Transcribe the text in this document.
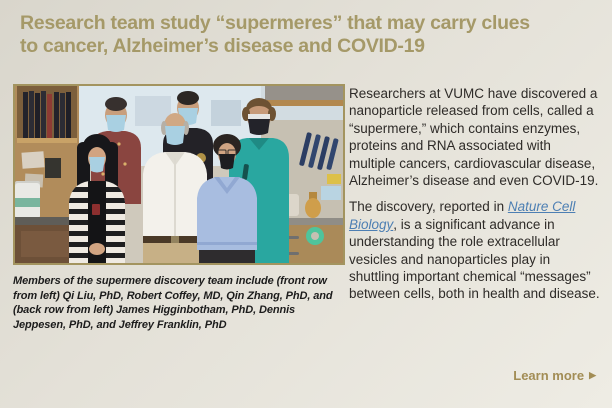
Research team study “supermeres” that may carry clues
to cancer, Alzheimer’s disease and COVID-19
Members of the supermere discovery team include (front row from left) Qi Liu, PhD, Robert Coffey, MD, Qin Zhang, PhD, and (back row from left) James Higginbotham, PhD, Dennis Jeppesen, PhD, and Jeffrey Franklin, PhD

Researchers at VUMC have discovered a nanoparticle released from cells, called a “supermere,” which contains enzymes, proteins and RNA associated with multiple cancers, cardiovascular disease, Alzheimer’s disease and even COVID-19.

The discovery, reported in Nature Cell Biology, is a significant advance in understanding the role extracellular vesicles and nanoparticles play in shuttling important chemical “messages” between cells, both in health and disease.

Learn more ▶
